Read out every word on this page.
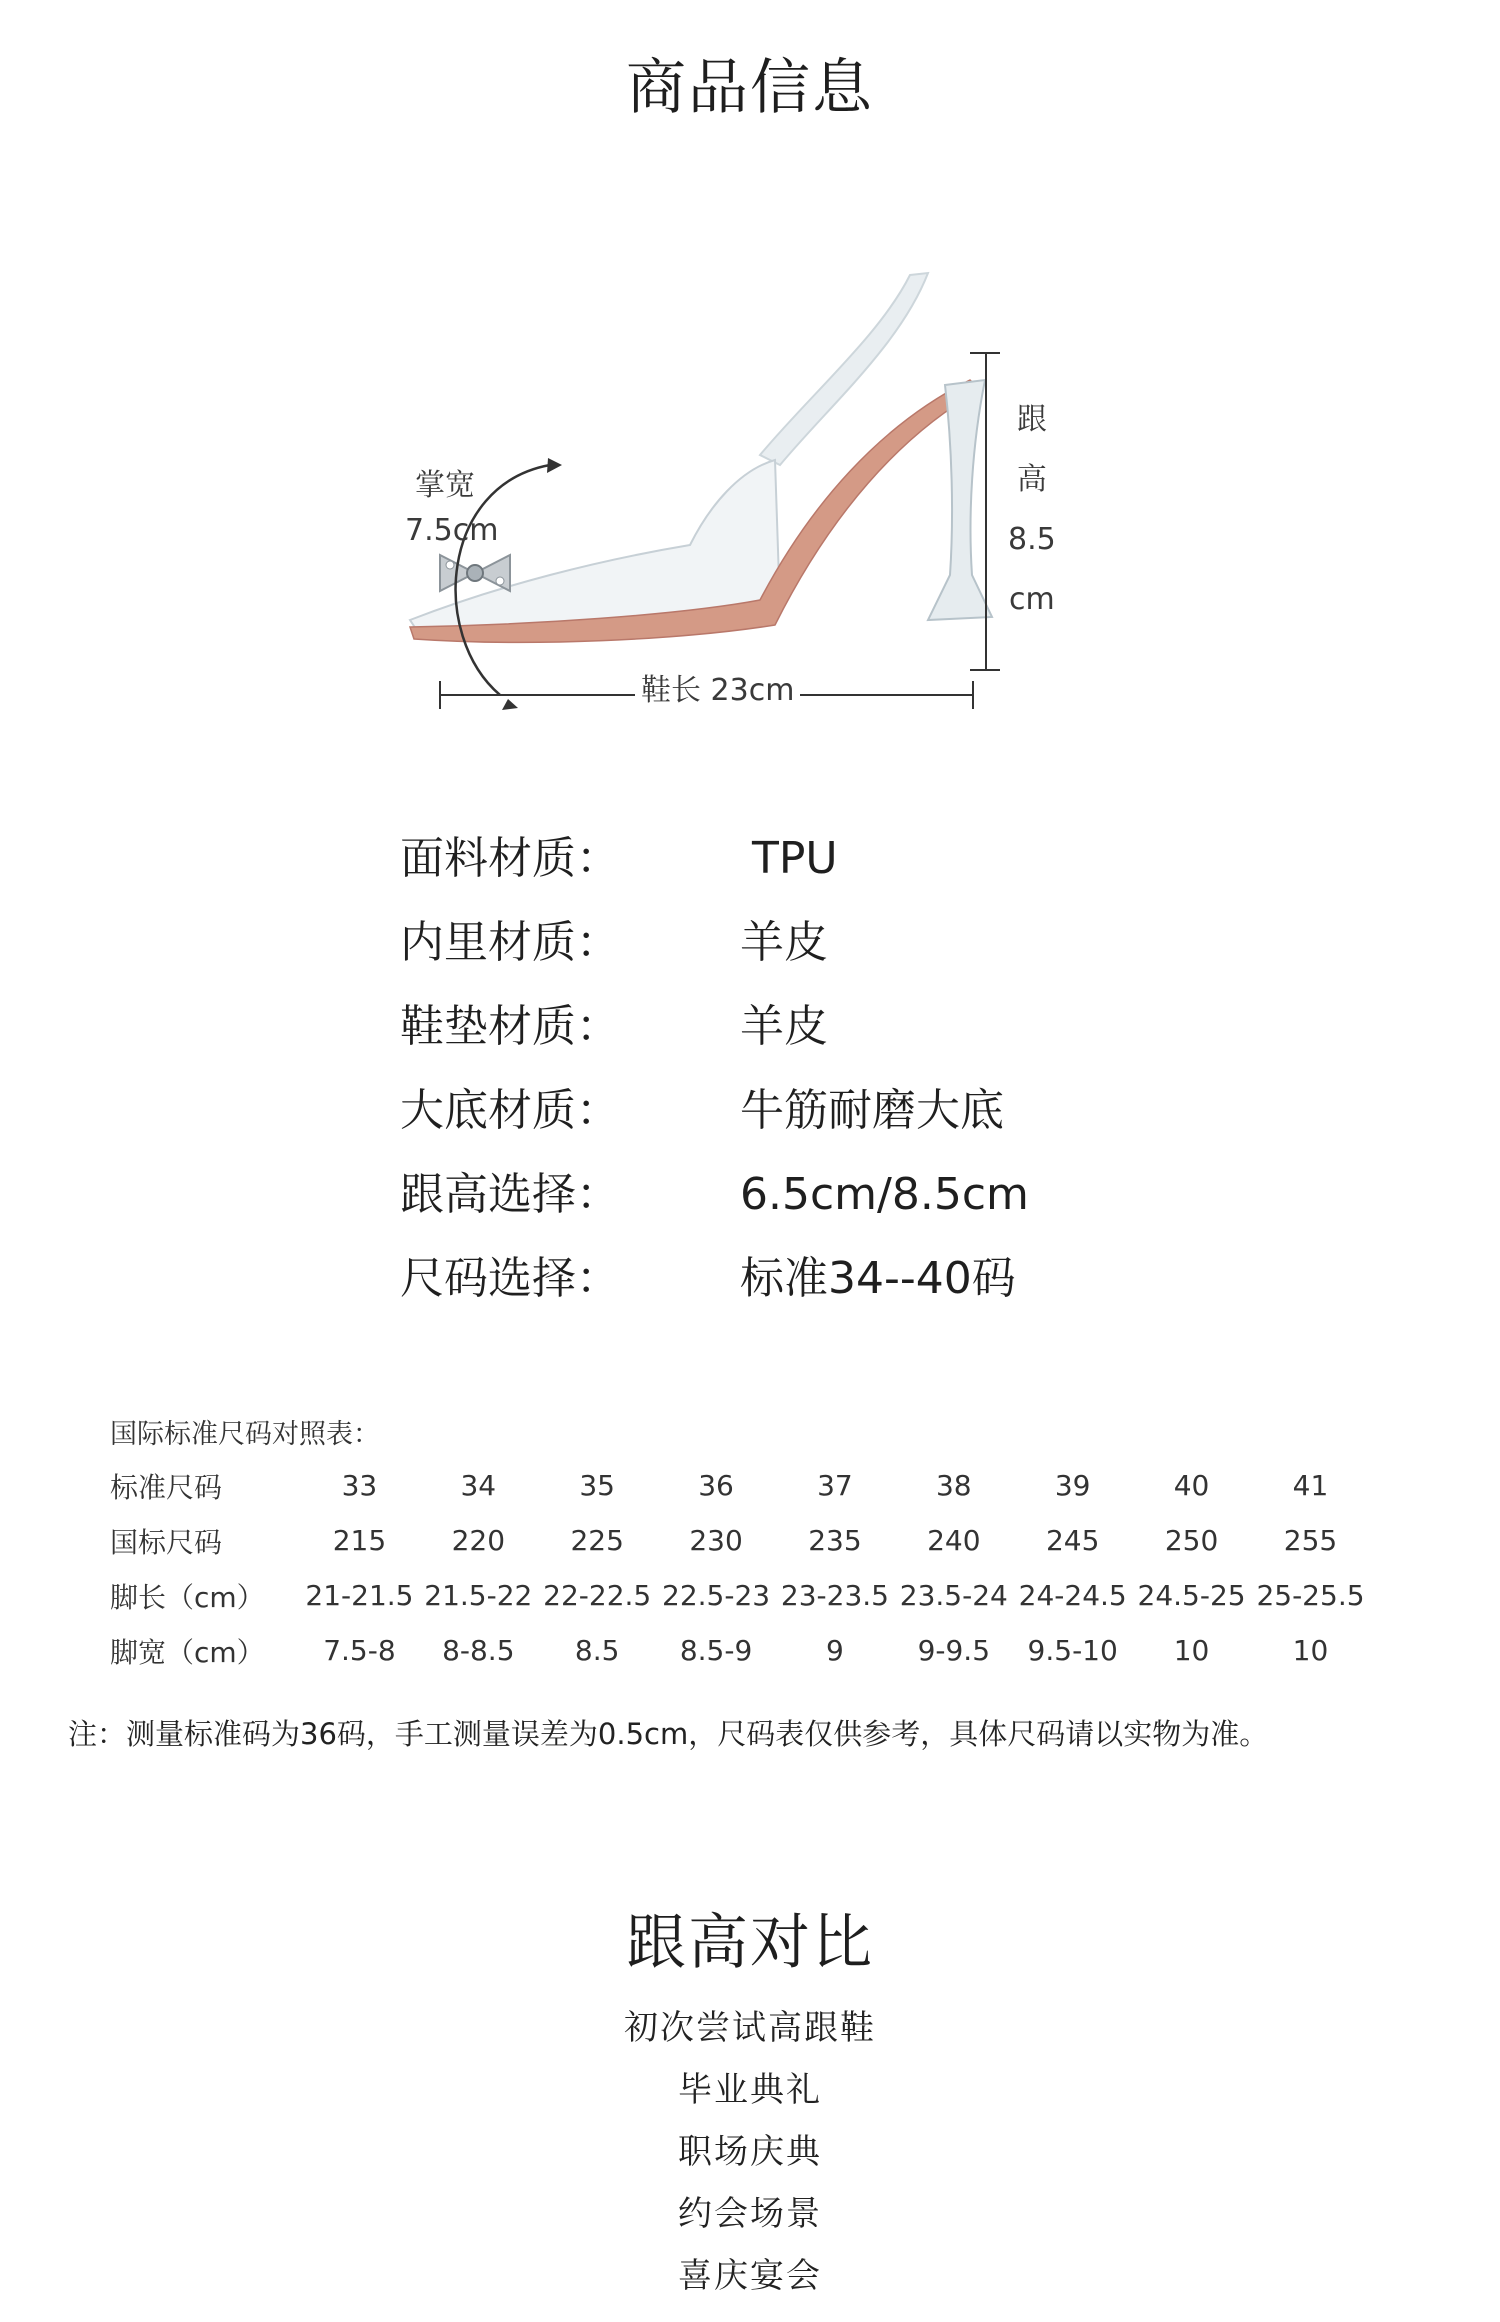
商品信息
掌宽
7.5cm
鞋长 23cm
跟
高
8.5
cm
面料材质：	TPU
内里材质：	羊皮
鞋垫材质：	羊皮
大底材质：	牛筋耐磨大底
跟高选择：	6.5cm/8.5cm
尺码选择：	标准34--40码
国际标准尺码对照表：
标准尺码	33	34	35	36	37	38	39	40	41
国标尺码	215	220	225	230	235	240	245	250	255
脚长（cm）	21-21.5	21.5-22	22-22.5	22.5-23	23-23.5	23.5-24	24-24.5	24.5-25	25-25.5
脚宽（cm）	7.5-8	8-8.5	8.5	8.5-9	9	9-9.5	9.5-10	10	10
注：测量标准码为36码，手工测量误差为0.5cm，尺码表仅供参考，具体尺码请以实物为准。
跟高对比
初次尝试高跟鞋
毕业典礼
职场庆典
约会场景
喜庆宴会
